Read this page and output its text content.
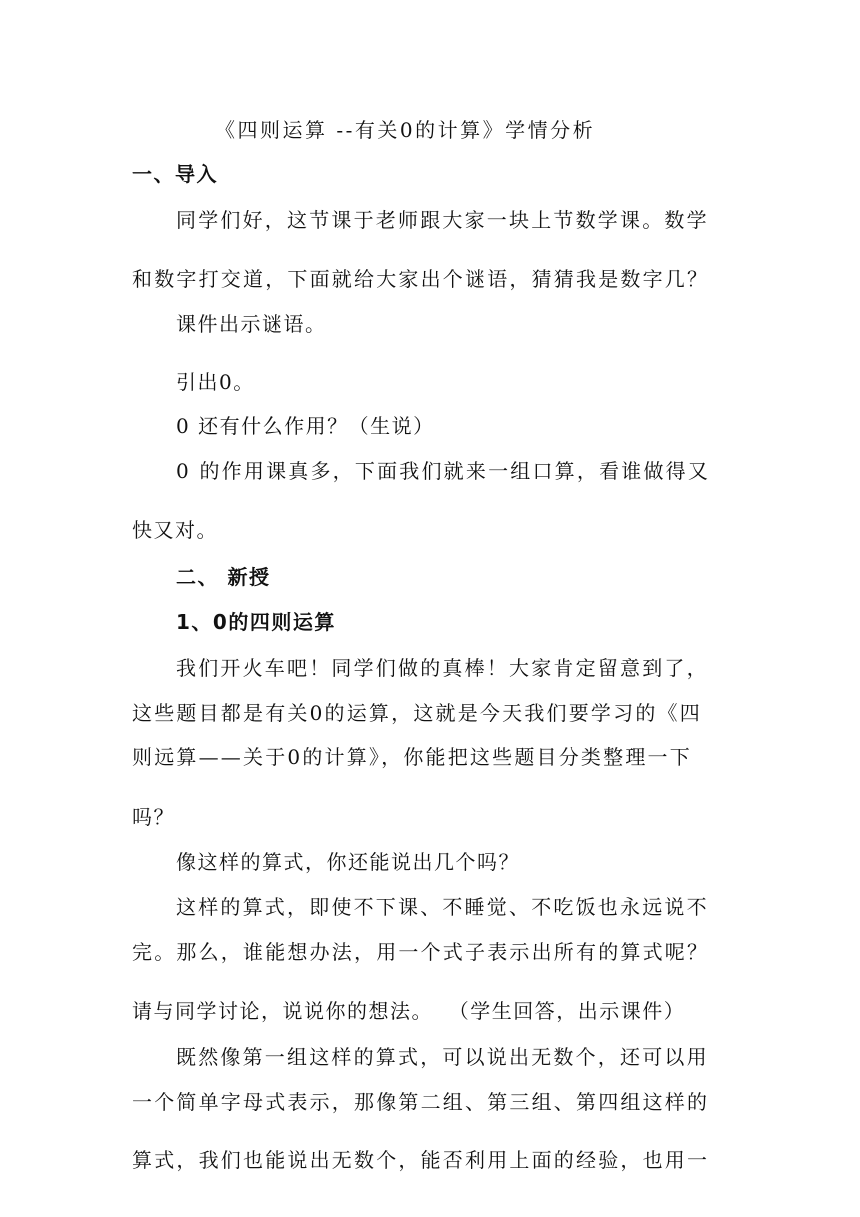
《四则运算 --有关0的计算》学情分析
一、导入
同学们好，这节课于老师跟大家一块上节数学课。数学
和数字打交道，下面就给大家出个谜语，猜猜我是数字几？
课件出示谜语。
引出0。
0 还有什么作用？（生说）
0 的作用课真多，下面我们就来一组口算，看谁做得又
快又对。
二、 新授
1、0的四则运算
我们开火车吧！同学们做的真棒！大家肯定留意到了，
这些题目都是有关0的运算，这就是今天我们要学习的《四
则远算——关于0的计算》，你能把这些题目分类整理一下
吗？
像这样的算式，你还能说出几个吗？
这样的算式，即使不下课、不睡觉、不吃饭也永远说不
完。那么，谁能想办法，用一个式子表示出所有的算式呢？
请与同学讨论，说说你的想法。  （学生回答，出示课件）
既然像第一组这样的算式，可以说出无数个，还可以用
一个简单字母式表示，那像第二组、第三组、第四组这样的
算式，我们也能说出无数个，能否利用上面的经验，也用一
